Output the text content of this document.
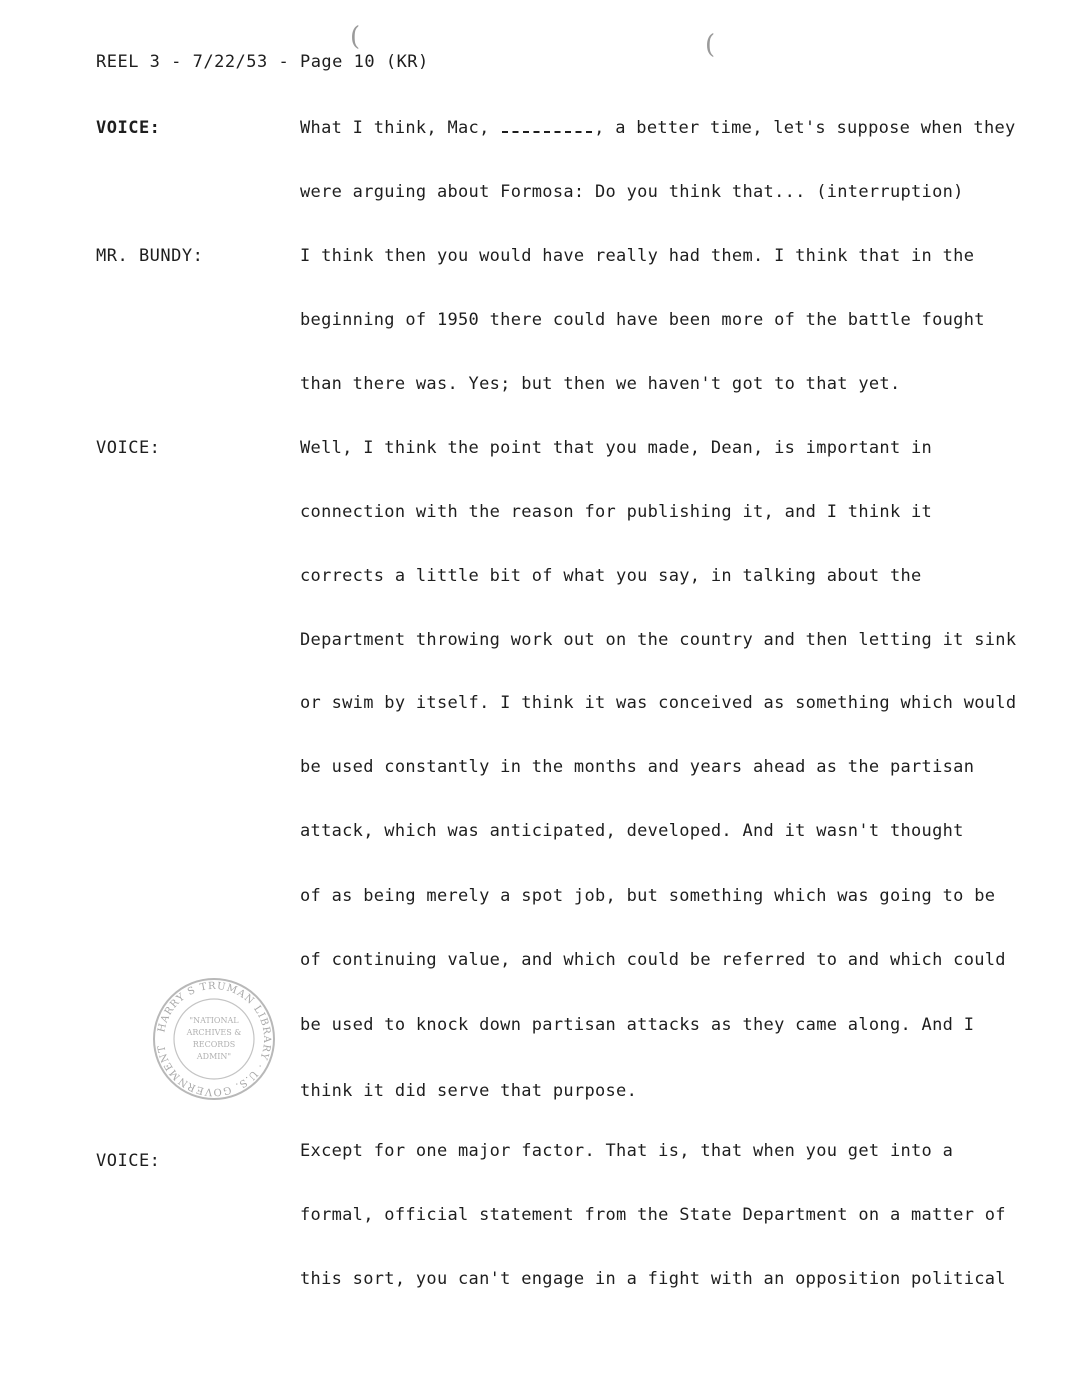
(	(
REEL 3 - 7/22/53 - Page 10 (KR)
VOICE:	What I think, Mac,	, a better time, let's suppose when they
were arguing about Formosa: Do you think that... (interruption)
MR. BUNDY:	I think then you would have really had them. I think that in the
beginning of 1950 there could have been more of the battle fought
than there was. Yes; but then we haven't got to that yet.
VOICE:	Well, I think the point that you made, Dean, is important in
connection with the reason for publishing it, and I think it
corrects a little bit of what you say, in talking about the
Department throwing work out on the country and then letting it sink
or swim by itself. I think it was conceived as something which would
be used constantly in the months and years ahead as the partisan
attack, which was anticipated, developed. And it wasn't thought
of as being merely a spot job, but something which was going to be
of continuing value, and which could be referred to and which could
be used to knock down partisan attacks as they came along. And I
think it did serve that purpose.
VOICE:	Except for one major factor. That is, that when you get into a
formal, official statement from the State Department on a matter of
this sort, you can't engage in a fight with an opposition political
HARRY S TRUMAN LIBRARY · U.S. GOVERNMENT
"NATIONAL
ARCHIVES &
RECORDS
ADMIN"
